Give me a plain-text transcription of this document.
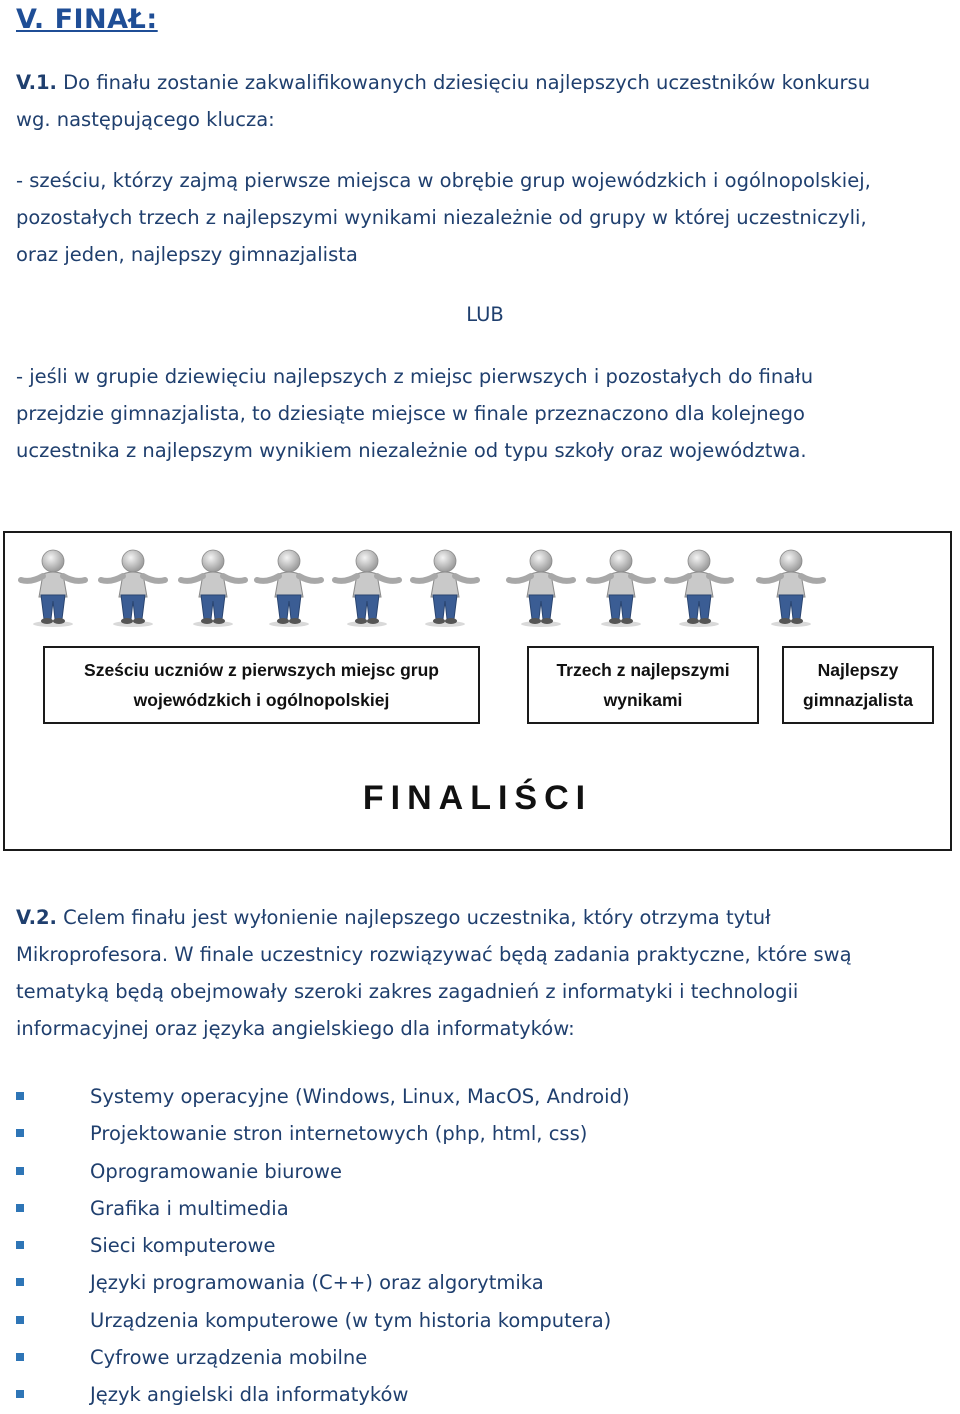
V. FINAŁ:
V.1. Do finału zostanie zakwalifikowanych dziesięciu najlepszych uczestników konkursu
wg. następującego klucza:
- sześciu, którzy zajmą pierwsze miejsca w obrębie grup wojewódzkich i ogólnopolskiej,
pozostałych trzech z najlepszymi wynikami niezależnie od grupy w której uczestniczyli,
oraz jeden, najlepszy gimnazjalista
LUB
- jeśli w grupie dziewięciu najlepszych z miejsc pierwszych i pozostałych do finału
przejdzie gimnazjalista, to dziesiąte miejsce w finale przeznaczono dla kolejnego
uczestnika z najlepszym wynikiem niezależnie od typu szkoły oraz województwa.
Sześciu uczniów z pierwszych miejsc grup
wojewódzkich i ogólnopolskiej
Trzech z najlepszymi
wynikami
Najlepszy
gimnazjalista
FINALIŚCI
V.2. Celem finału jest wyłonienie najlepszego uczestnika, który otrzyma tytuł
Mikroprofesora. W finale uczestnicy rozwiązywać będą zadania praktyczne, które swą
tematyką będą obejmowały szeroki zakres zagadnień z informatyki i technologii
informacyjnej oraz języka angielskiego dla informatyków:
Systemy operacyjne (Windows, Linux, MacOS, Android)
Projektowanie stron internetowych (php, html, css)
Oprogramowanie biurowe
Grafika i multimedia
Sieci komputerowe
Języki programowania (C++) oraz algorytmika
Urządzenia komputerowe (w tym historia komputera)
Cyfrowe urządzenia mobilne
Język angielski dla informatyków
